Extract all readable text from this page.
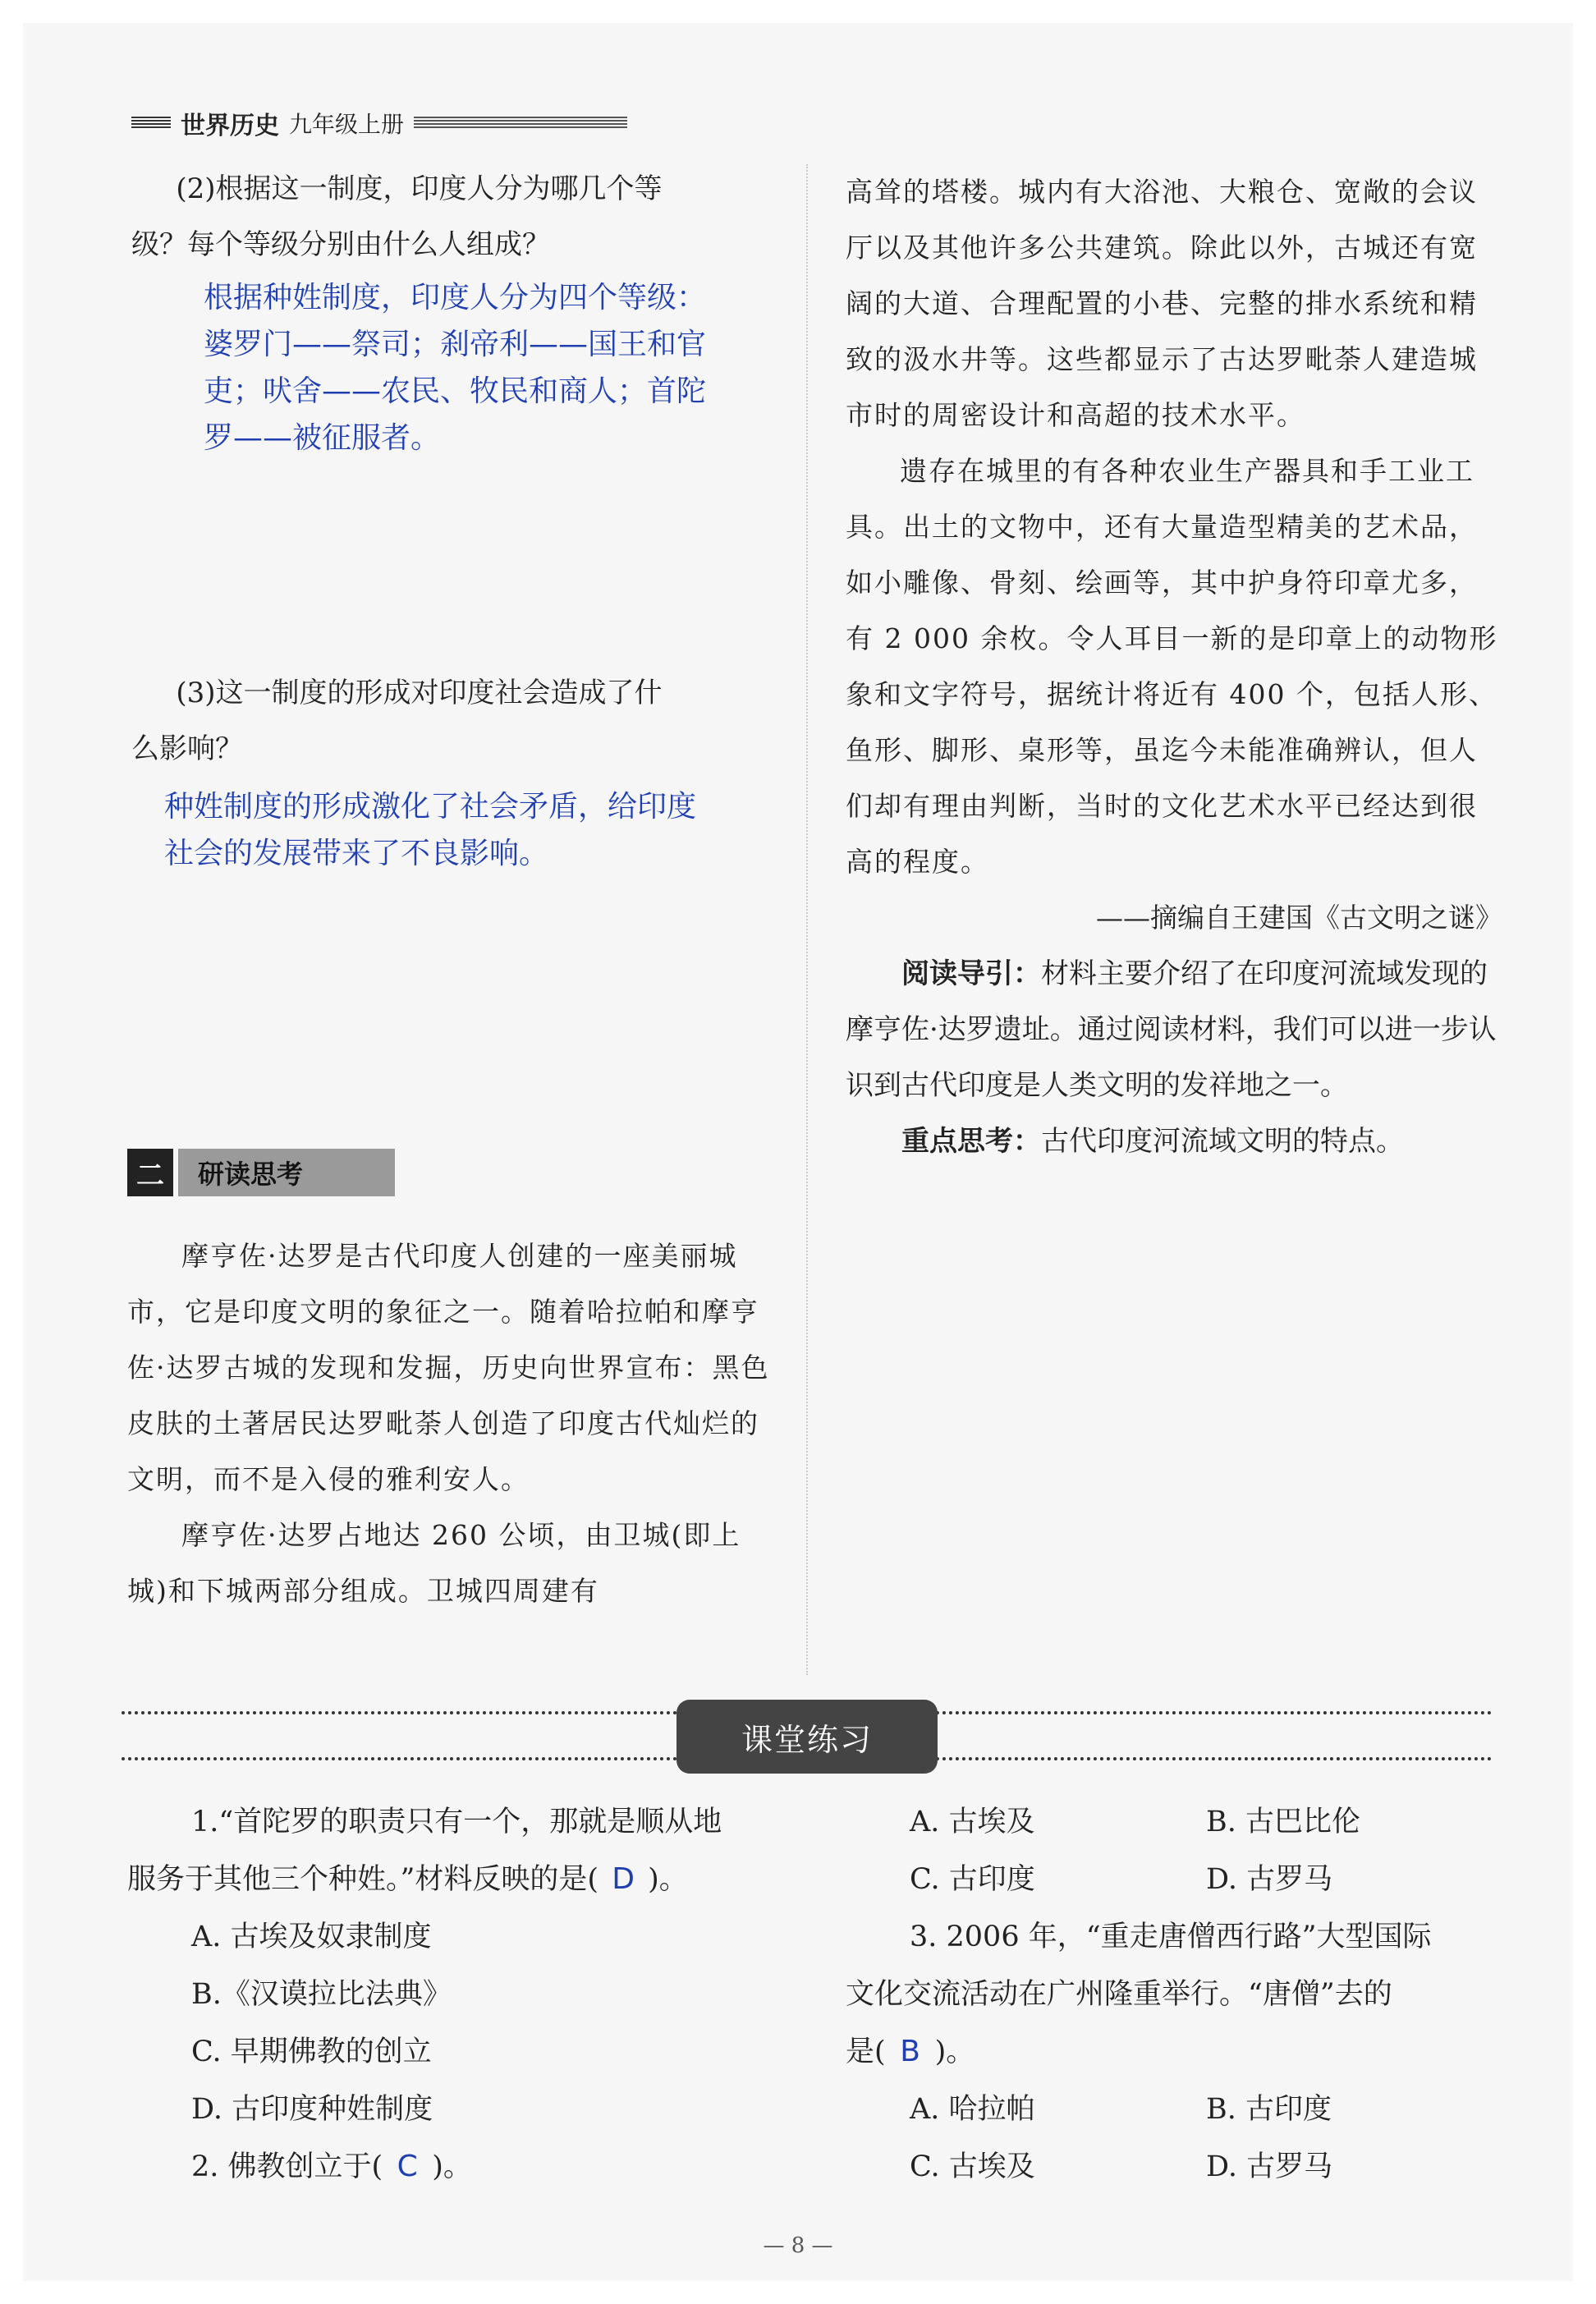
世界历史 九年级上册

(2)根据这一制度，印度人分为哪几个等

级？每个等级分别由什么人组成？

根据种姓制度，印度人分为四个等级：

婆罗门——祭司；刹帝利——国王和官

吏；吠舍——农民、牧民和商人；首陀

罗——被征服者。

(3)这一制度的形成对印度社会造成了什

么影响？

种姓制度的形成激化了社会矛盾，给印度

社会的发展带来了不良影响。

二	研读思考

摩亨佐·达罗是古代印度人创建的一座美丽城市，它是印度文明的象征之一。随着哈拉帕和摩亨佐·达罗古城的发现和发掘，历史向世界宣布：黑色皮肤的土著居民达罗毗荼人创造了印度古代灿烂的文明，而不是入侵的雅利安人。

摩亨佐·达罗占地达 260 公顷，由卫城(即上城)和下城两部分组成。卫城四周建有

高耸的塔楼。城内有大浴池、大粮仓、宽敞的会议厅以及其他许多公共建筑。除此以外，古城还有宽阔的大道、合理配置的小巷、完整的排水系统和精致的汲水井等。这些都显示了古达罗毗荼人建造城市时的周密设计和高超的技术水平。

遗存在城里的有各种农业生产器具和手工业工具。出土的文物中，还有大量造型精美的艺术品，如小雕像、骨刻、绘画等，其中护身符印章尤多，有 2 000 余枚。令人耳目一新的是印章上的动物形象和文字符号，据统计将近有 400 个，包括人形、鱼形、脚形、桌形等，虽迄今未能准确辨认，但人们却有理由判断，当时的文化艺术水平已经达到很高的程度。

——摘编自王建国《古文明之谜》

阅读导引：材料主要介绍了在印度河流域发现的摩亨佐·达罗遗址。通过阅读材料，我们可以进一步认识到古代印度是人类文明的发祥地之一。

重点思考：古代印度河流域文明的特点。

课堂练习

1.“首陀罗的职责只有一个，那就是顺从地

服务于其他三个种姓。”材料反映的是( D )。

A. 古埃及奴隶制度

B.《汉谟拉比法典》

C. 早期佛教的创立

D. 古印度种姓制度

2. 佛教创立于( C )。

A. 古埃及	B. 古巴比伦
C. 古印度	D. 古罗马

3. 2006 年，“重走唐僧西行路”大型国际

文化交流活动在广州隆重举行。“唐僧”去的

是( B )。

A. 哈拉帕	B. 古印度
C. 古埃及	D. 古罗马
— 8 —
